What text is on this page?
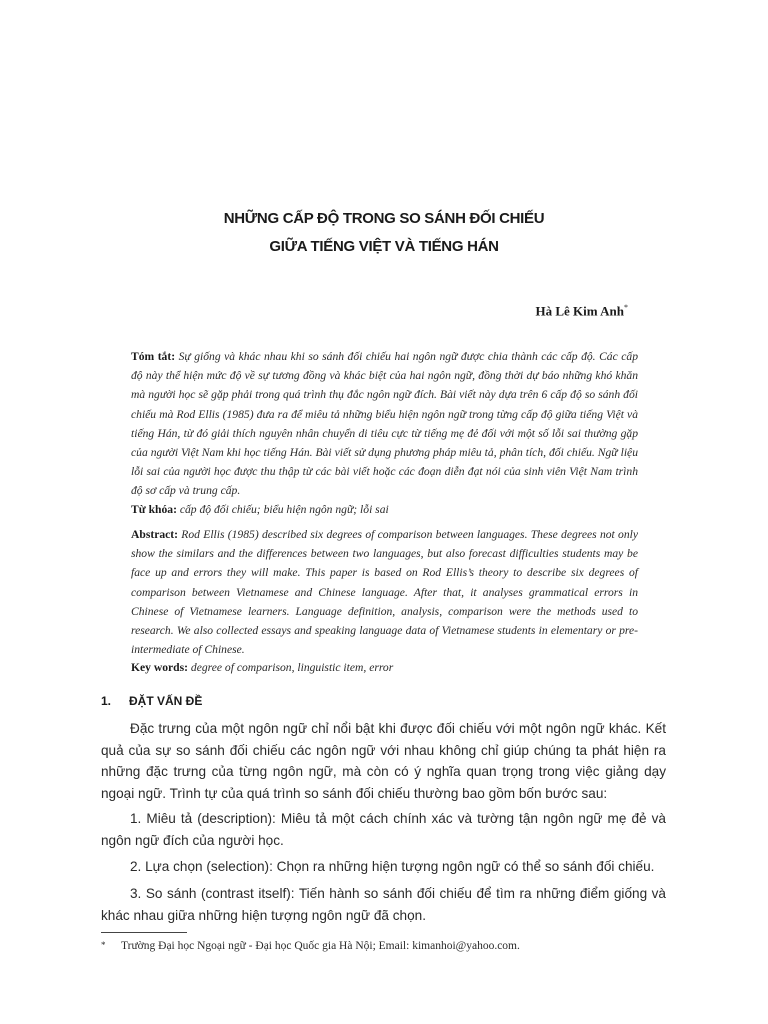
NHỮNG CẤP ĐỘ TRONG SO SÁNH ĐỐI CHIẾU
GIỮA TIẾNG VIỆT VÀ TIẾNG HÁN
Hà Lê Kim Anh*
Tóm tắt: Sự giống và khác nhau khi so sánh đối chiếu hai ngôn ngữ được chia thành các cấp độ. Các cấp độ này thể hiện mức độ về sự tương đồng và khác biệt của hai ngôn ngữ, đồng thời dự báo những khó khăn mà người học sẽ gặp phải trong quá trình thụ đắc ngôn ngữ đích. Bài viết này dựa trên 6 cấp độ so sánh đối chiếu mà Rod Ellis (1985) đưa ra để miêu tả những biểu hiện ngôn ngữ trong từng cấp độ giữa tiếng Việt và tiếng Hán, từ đó giải thích nguyên nhân chuyển di tiêu cực từ tiếng mẹ đẻ đối với một số lỗi sai thường gặp của người Việt Nam khi học tiếng Hán. Bài viết sử dụng phương pháp miêu tả, phân tích, đối chiếu. Ngữ liệu lỗi sai của người học được thu thập từ các bài viết hoặc các đoạn diễn đạt nói của sinh viên Việt Nam trình độ sơ cấp và trung cấp.
Từ khóa: cấp độ đối chiếu; biểu hiện ngôn ngữ; lỗi sai
Abstract: Rod Ellis (1985) described six degrees of comparison between languages. These degrees not only show the similars and the differences between two languages, but also forecast difficulties students may be face up and errors they will make. This paper is based on Rod Ellis’s theory to describe six degrees of comparison between Vietnamese and Chinese language. After that, it analyses grammatical errors in Chinese of Vietnamese learners. Language definition, analysis, comparison were the methods used to research. We also collected essays and speaking language data of Vietnamese students in elementary or pre-intermediate of Chinese.
Key words: degree of comparison, linguistic item, error
1. ĐẶT VẤN ĐỀ

Đặc trưng của một ngôn ngữ chỉ nổi bật khi được đối chiếu với một ngôn ngữ khác. Kết quả của sự so sánh đối chiếu các ngôn ngữ với nhau không chỉ giúp chúng ta phát hiện ra những đặc trưng của từng ngôn ngữ, mà còn có ý nghĩa quan trọng trong việc giảng dạy ngoại ngữ. Trình tự của quá trình so sánh đối chiếu thường bao gồm bốn bước sau:

1. Miêu tả (description): Miêu tả một cách chính xác và tường tận ngôn ngữ mẹ đẻ và ngôn ngữ đích của người học.

2. Lựa chọn (selection): Chọn ra những hiện tượng ngôn ngữ có thể so sánh đối chiếu.

3. So sánh (contrast itself): Tiến hành so sánh đối chiếu để tìm ra những điểm giống và khác nhau giữa những hiện tượng ngôn ngữ đã chọn.

* Trường Đại học Ngoại ngữ - Đại học Quốc gia Hà Nội; Email: kimanhoi@yahoo.com.
